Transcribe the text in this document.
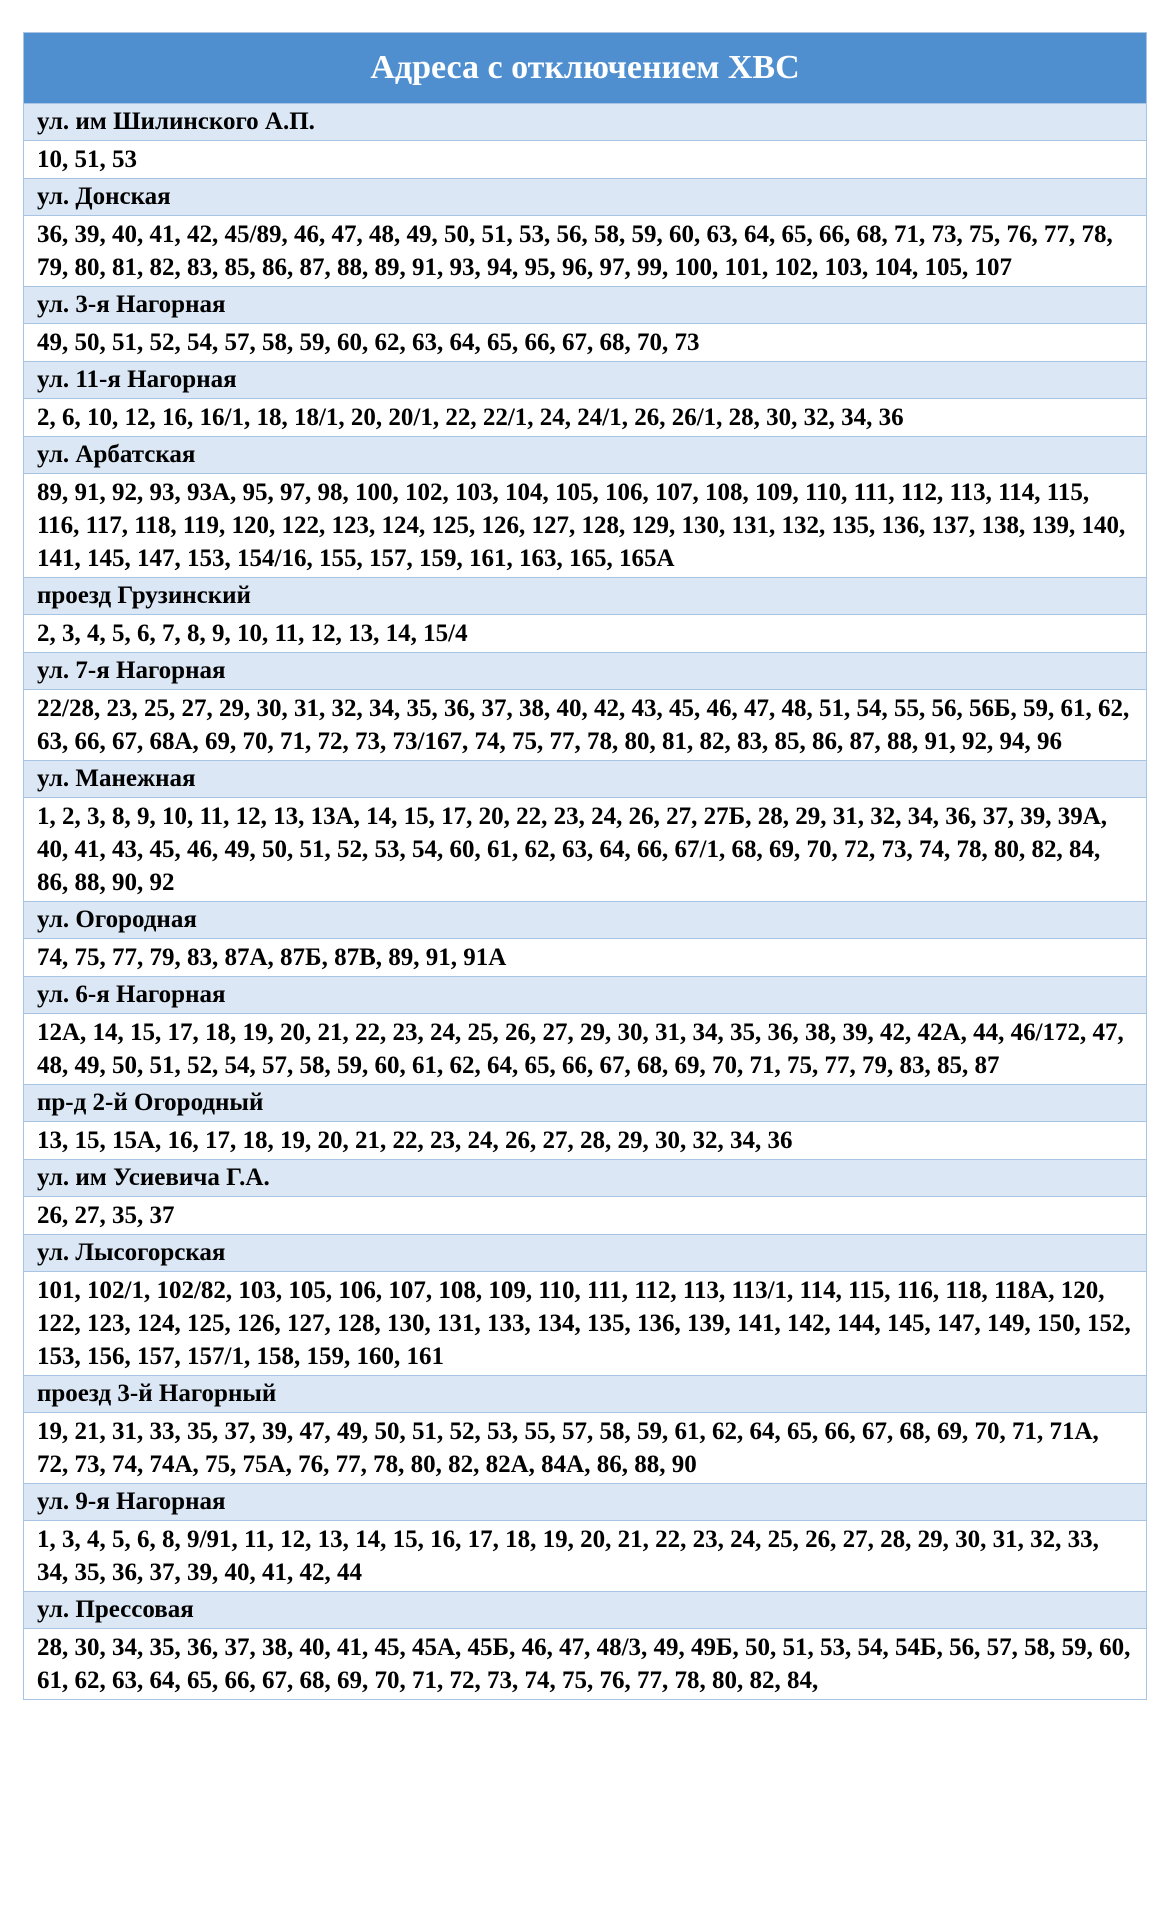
Адреса с отключением ХВС
ул. им Шилинского А.П.
10, 51, 53
ул. Донская
36, 39, 40, 41, 42, 45/89, 46, 47, 48, 49, 50, 51, 53, 56, 58, 59, 60, 63, 64, 65, 66, 68, 71, 73, 75, 76, 77, 78, 79, 80, 81, 82, 83, 85, 86, 87, 88, 89, 91, 93, 94, 95, 96, 97, 99, 100, 101, 102, 103, 104, 105, 107
ул. 3-я Нагорная
49, 50, 51, 52, 54, 57, 58, 59, 60, 62, 63, 64, 65, 66, 67, 68, 70, 73
ул. 11-я Нагорная
2, 6, 10, 12, 16, 16/1, 18, 18/1, 20, 20/1, 22, 22/1, 24, 24/1, 26, 26/1, 28, 30, 32, 34, 36
ул. Арбатская
89, 91, 92, 93, 93А, 95, 97, 98, 100, 102, 103, 104, 105, 106, 107, 108, 109, 110, 111, 112, 113, 114, 115, 116, 117, 118, 119, 120, 122, 123, 124, 125, 126, 127, 128, 129, 130, 131, 132, 135, 136, 137, 138, 139, 140, 141, 145, 147, 153, 154/16, 155, 157, 159, 161, 163, 165, 165А
проезд Грузинский
2, 3, 4, 5, 6, 7, 8, 9, 10, 11, 12, 13, 14, 15/4
ул. 7-я Нагорная
22/28, 23, 25, 27, 29, 30, 31, 32, 34, 35, 36, 37, 38, 40, 42, 43, 45, 46, 47, 48, 51, 54, 55, 56, 56Б, 59, 61, 62, 63, 66, 67, 68А, 69, 70, 71, 72, 73, 73/167, 74, 75, 77, 78, 80, 81, 82, 83, 85, 86, 87, 88, 91, 92, 94, 96
ул. Манежная
1, 2, 3, 8, 9, 10, 11, 12, 13, 13А, 14, 15, 17, 20, 22, 23, 24, 26, 27, 27Б, 28, 29, 31, 32, 34, 36, 37, 39, 39А, 40, 41, 43, 45, 46, 49, 50, 51, 52, 53, 54, 60, 61, 62, 63, 64, 66, 67/1, 68, 69, 70, 72, 73, 74, 78, 80, 82, 84, 86, 88, 90, 92
ул. Огородная
74, 75, 77, 79, 83, 87А, 87Б, 87В, 89, 91, 91А
ул. 6-я Нагорная
12А, 14, 15, 17, 18, 19, 20, 21, 22, 23, 24, 25, 26, 27, 29, 30, 31, 34, 35, 36, 38, 39, 42, 42А, 44, 46/172, 47, 48, 49, 50, 51, 52, 54, 57, 58, 59, 60, 61, 62, 64, 65, 66, 67, 68, 69, 70, 71, 75, 77, 79, 83, 85, 87
пр-д 2-й Огородный
13, 15, 15А, 16, 17, 18, 19, 20, 21, 22, 23, 24, 26, 27, 28, 29, 30, 32, 34, 36
ул. им Усиевича Г.А.
26, 27, 35, 37
ул. Лысогорская
101, 102/1, 102/82, 103, 105, 106, 107, 108, 109, 110, 111, 112, 113, 113/1, 114, 115, 116, 118, 118А, 120, 122, 123, 124, 125, 126, 127, 128, 130, 131, 133, 134, 135, 136, 139, 141, 142, 144, 145, 147, 149, 150, 152, 153, 156, 157, 157/1, 158, 159, 160, 161
проезд 3-й Нагорный
19, 21, 31, 33, 35, 37, 39, 47, 49, 50, 51, 52, 53, 55, 57, 58, 59, 61, 62, 64, 65, 66, 67, 68, 69, 70, 71, 71А, 72, 73, 74, 74А, 75, 75А, 76, 77, 78, 80, 82, 82А, 84А, 86, 88, 90
ул. 9-я Нагорная
1, 3, 4, 5, 6, 8, 9/91, 11, 12, 13, 14, 15, 16, 17, 18, 19, 20, 21, 22, 23, 24, 25, 26, 27, 28, 29, 30, 31, 32, 33, 34, 35, 36, 37, 39, 40, 41, 42, 44
ул. Прессовая
28, 30, 34, 35, 36, 37, 38, 40, 41, 45, 45А, 45Б, 46, 47, 48/3, 49, 49Б, 50, 51, 53, 54, 54Б, 56, 57, 58, 59, 60, 61, 62, 63, 64, 65, 66, 67, 68, 69, 70, 71, 72, 73, 74, 75, 76, 77, 78, 80, 82, 84,
